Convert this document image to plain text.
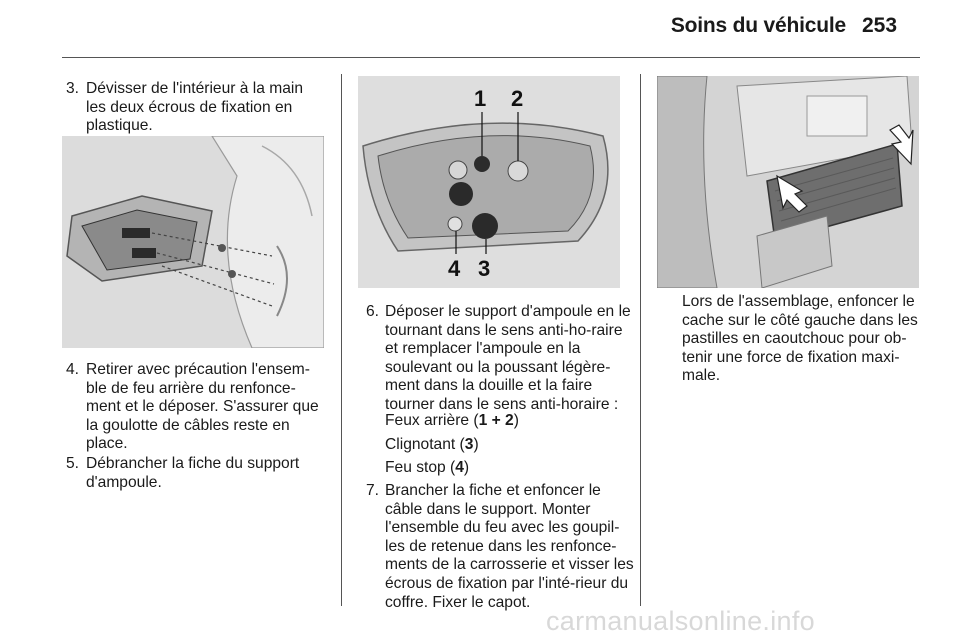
Soins du véhicule 253
3. Dévisser de l'intérieur à la main les deux écrous de fixation en plastique.
4. Retirer avec précaution l'ensem-ble de feu arrière du renfonce-ment et le déposer. S'assurer que la goulotte de câbles reste en place.
5. Débrancher la fiche du support d'ampoule.
1 2
4 3
6. Déposer le support d'ampoule en le tournant dans le sens anti-ho-raire et remplacer l'ampoule en la soulevant ou la poussant légère-ment dans la douille et la faire tourner dans le sens anti-horaire :
Feux arrière (1 + 2)
Clignotant (3)
Feu stop (4)
7. Brancher la fiche et enfoncer le câble dans le support. Monter l'ensemble du feu avec les goupil-les de retenue dans les renfonce-ments de la carrosserie et visser les écrous de fixation par l'inté-rieur du coffre. Fixer le capot.
Lors de l'assemblage, enfoncer le cache sur le côté gauche dans les pastilles en caoutchouc pour ob-tenir une force de fixation maxi-male.
carmanualsonline.info
